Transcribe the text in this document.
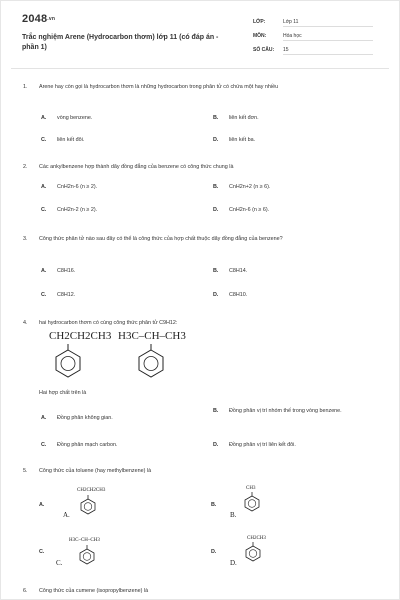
$2048^{.vn}$
Trắc nghiệm Arene (Hydrocarbon thơm) lớp 11 (có đáp án - phần 1)
LỚP:	Lớp 11
MÔN:	Hóa học
SỐ CÂU: 15
1. Arene hay còn gọi là hydrocarbon thơm là những hydrocarbon trong phân tử có chứa một hay nhiều
A. vòng benzene.	B. liên kết đơn.
C. liên kết đôi.	D. liên kết ba.
2. Các ankylbenzene hợp thành dãy đồng đẳng của benzene có công thức chung là
A. CnH2n-6 (n ≥ 2).	B. CnH2n+2 (n ≥ 6).
C. CnH2n-2 (n ≥ 2).	D. CnH2n-6 (n ≥ 6).
3. Công thức phân tử nào sau đây có thể là công thức của hợp chất thuộc dãy đồng đẳng của benzene?
A. C8H16.	B. C8H14.
C. C8H12.	D. C8H10.
4. hai hydrocarbon thơm có cùng công thức phân tử C9H12:
CH2CH2CH3 H3C–CH–CH3
Hai hợp chất trên là
A. Đồng phân không gian.
B. Đồng phân vị trí nhóm thế trong vòng benzene.
C. Đồng phân mạch carbon.	D. Đồng phân vị trí liên kết đôi.
5. Công thức của toluene (hay methylbenzene) là
A.
CH2CH2CH3
A.
B.
CH3
B.
C.
H3C–CH–CH3
C.
D.
CH2CH3
D.
6. Công thức của cumene (isopropylbenzene) là
